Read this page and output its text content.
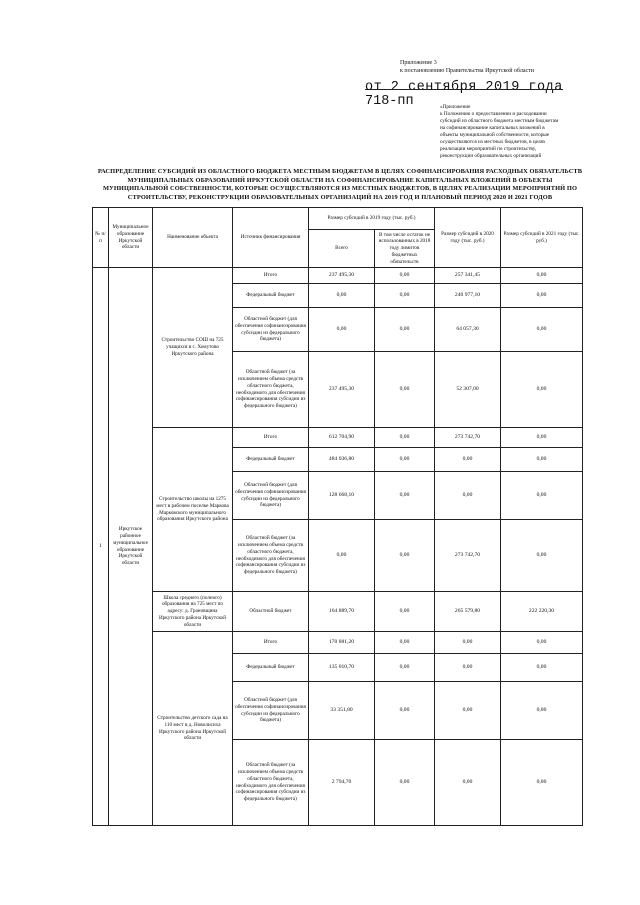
Приложение 3
к постановлению Правительства Иркутской области
от 2 сентября 2019 года
718-пп	«Приложение
к Положению о предоставлении и расходовании
субсидий из областного бюджета местным бюджетам
на софинансирование капитальных вложений в
объекты муниципальной собственности, которые
осуществляются из местных бюджетов, в целях
реализации мероприятий по строительству,
реконструкции образовательных организаций
РАСПРЕДЕЛЕНИЕ СУБСИДИЙ ИЗ ОБЛАСТНОГО БЮДЖЕТА МЕСТНЫМ БЮДЖЕТАМ В ЦЕЛЯХ СОФИНАНСИРОВАНИЯ РАСХОДНЫХ ОБЯЗАТЕЛЬСТВ МУНИЦИПАЛЬНЫХ ОБРАЗОВАНИЙ ИРКУТСКОЙ ОБЛАСТИ НА СОФИНАНСИРОВАНИЕ КАПИТАЛЬНЫХ ВЛОЖЕНИЙ В ОБЪЕКТЫ МУНИЦИПАЛЬНОЙ СОБСТВЕННОСТИ, КОТОРЫЕ ОСУЩЕСТВЛЯЮТСЯ ИЗ МЕСТНЫХ БЮДЖЕТОВ, В ЦЕЛЯХ РЕАЛИЗАЦИИ МЕРОПРИЯТИЙ ПО СТРОИТЕЛЬСТВУ, РЕКОНСТРУКЦИИ ОБРАЗОВАТЕЛЬНЫХ ОРГАНИЗАЦИЙ НА 2019 ГОД И ПЛАНОВЫЙ ПЕРИОД 2020 И 2021 ГОДОВ
№ п/п	Муниципальное образование Иркутской области	Наименование объекта	Источник финансирования	Размер субсидий в 2019 году (тыс. руб.)		Размер субсидий в 2020 году (тыс. руб.)	Размер субсидий в 2021 году (тыс. руб.)
				Всего	В том числе остаток не использованных в 2018 году лимитов бюджетных обязательств		
1	Иркутское районное муниципальное образование Иркутской области	Строительство СОШ на 725 учащихся в с. Хомутово Иркутского района	Итого	237 495,30	0,00	257 341,45	0,00
			Федеральный бюджет	0,00	0,00	240 977,10	0,00
			Областной бюджет (для обеспечения софинансирования субсидии из федерального бюджета)	0,00	0,00	64 057,30	0,00
			Областной бюджет (за исключением объема средств областного бюджета, необходимого для обеспечения софинансирования субсидии из федерального бюджета)	237 495,30	0,00	52 307,00	0,00
		Строительство школы на 1275 мест в рабочем поселке Маркова Марковского муниципального образования Иркутского района	Итого	612 704,90	0,00	273 742,70	0,00
			Федеральный бюджет	484 036,80	0,00	0,00	0,00
			Областной бюджет (для обеспечения софинансирования субсидии из федерального бюджета)	128 668,10	0,00	0,00	0,00
			Областной бюджет (за исключением объема средств областного бюджета, необходимого для обеспечения софинансирования субсидии из федерального бюджета)	0,00	0,00	273 742,70	0,00
		Школа среднего (полного) образования на 725 мест по адресу: д. Грановщина Иркутского района Иркутской области	Областной бюджет	164 889,70	0,00	265 579,80	222 220,30
		Строительство детского сада на 110 мест в д. Новолисиха Иркутского района Иркутской области	Итого	170 881,20	0,00	0,00	0,00
			Федеральный бюджет	135 010,70	0,00	0,00	0,00
			Областной бюджет (для обеспечения софинансирования субсидии из федерального бюджета)	33 351,80	0,00	0,00	0,00
			Областной бюджет (за исключением объема средств областного бюджета, необходимого для обеспечения софинансирования субсидии из федерального бюджета)	2 794,70	0,00	0,00	0,00
